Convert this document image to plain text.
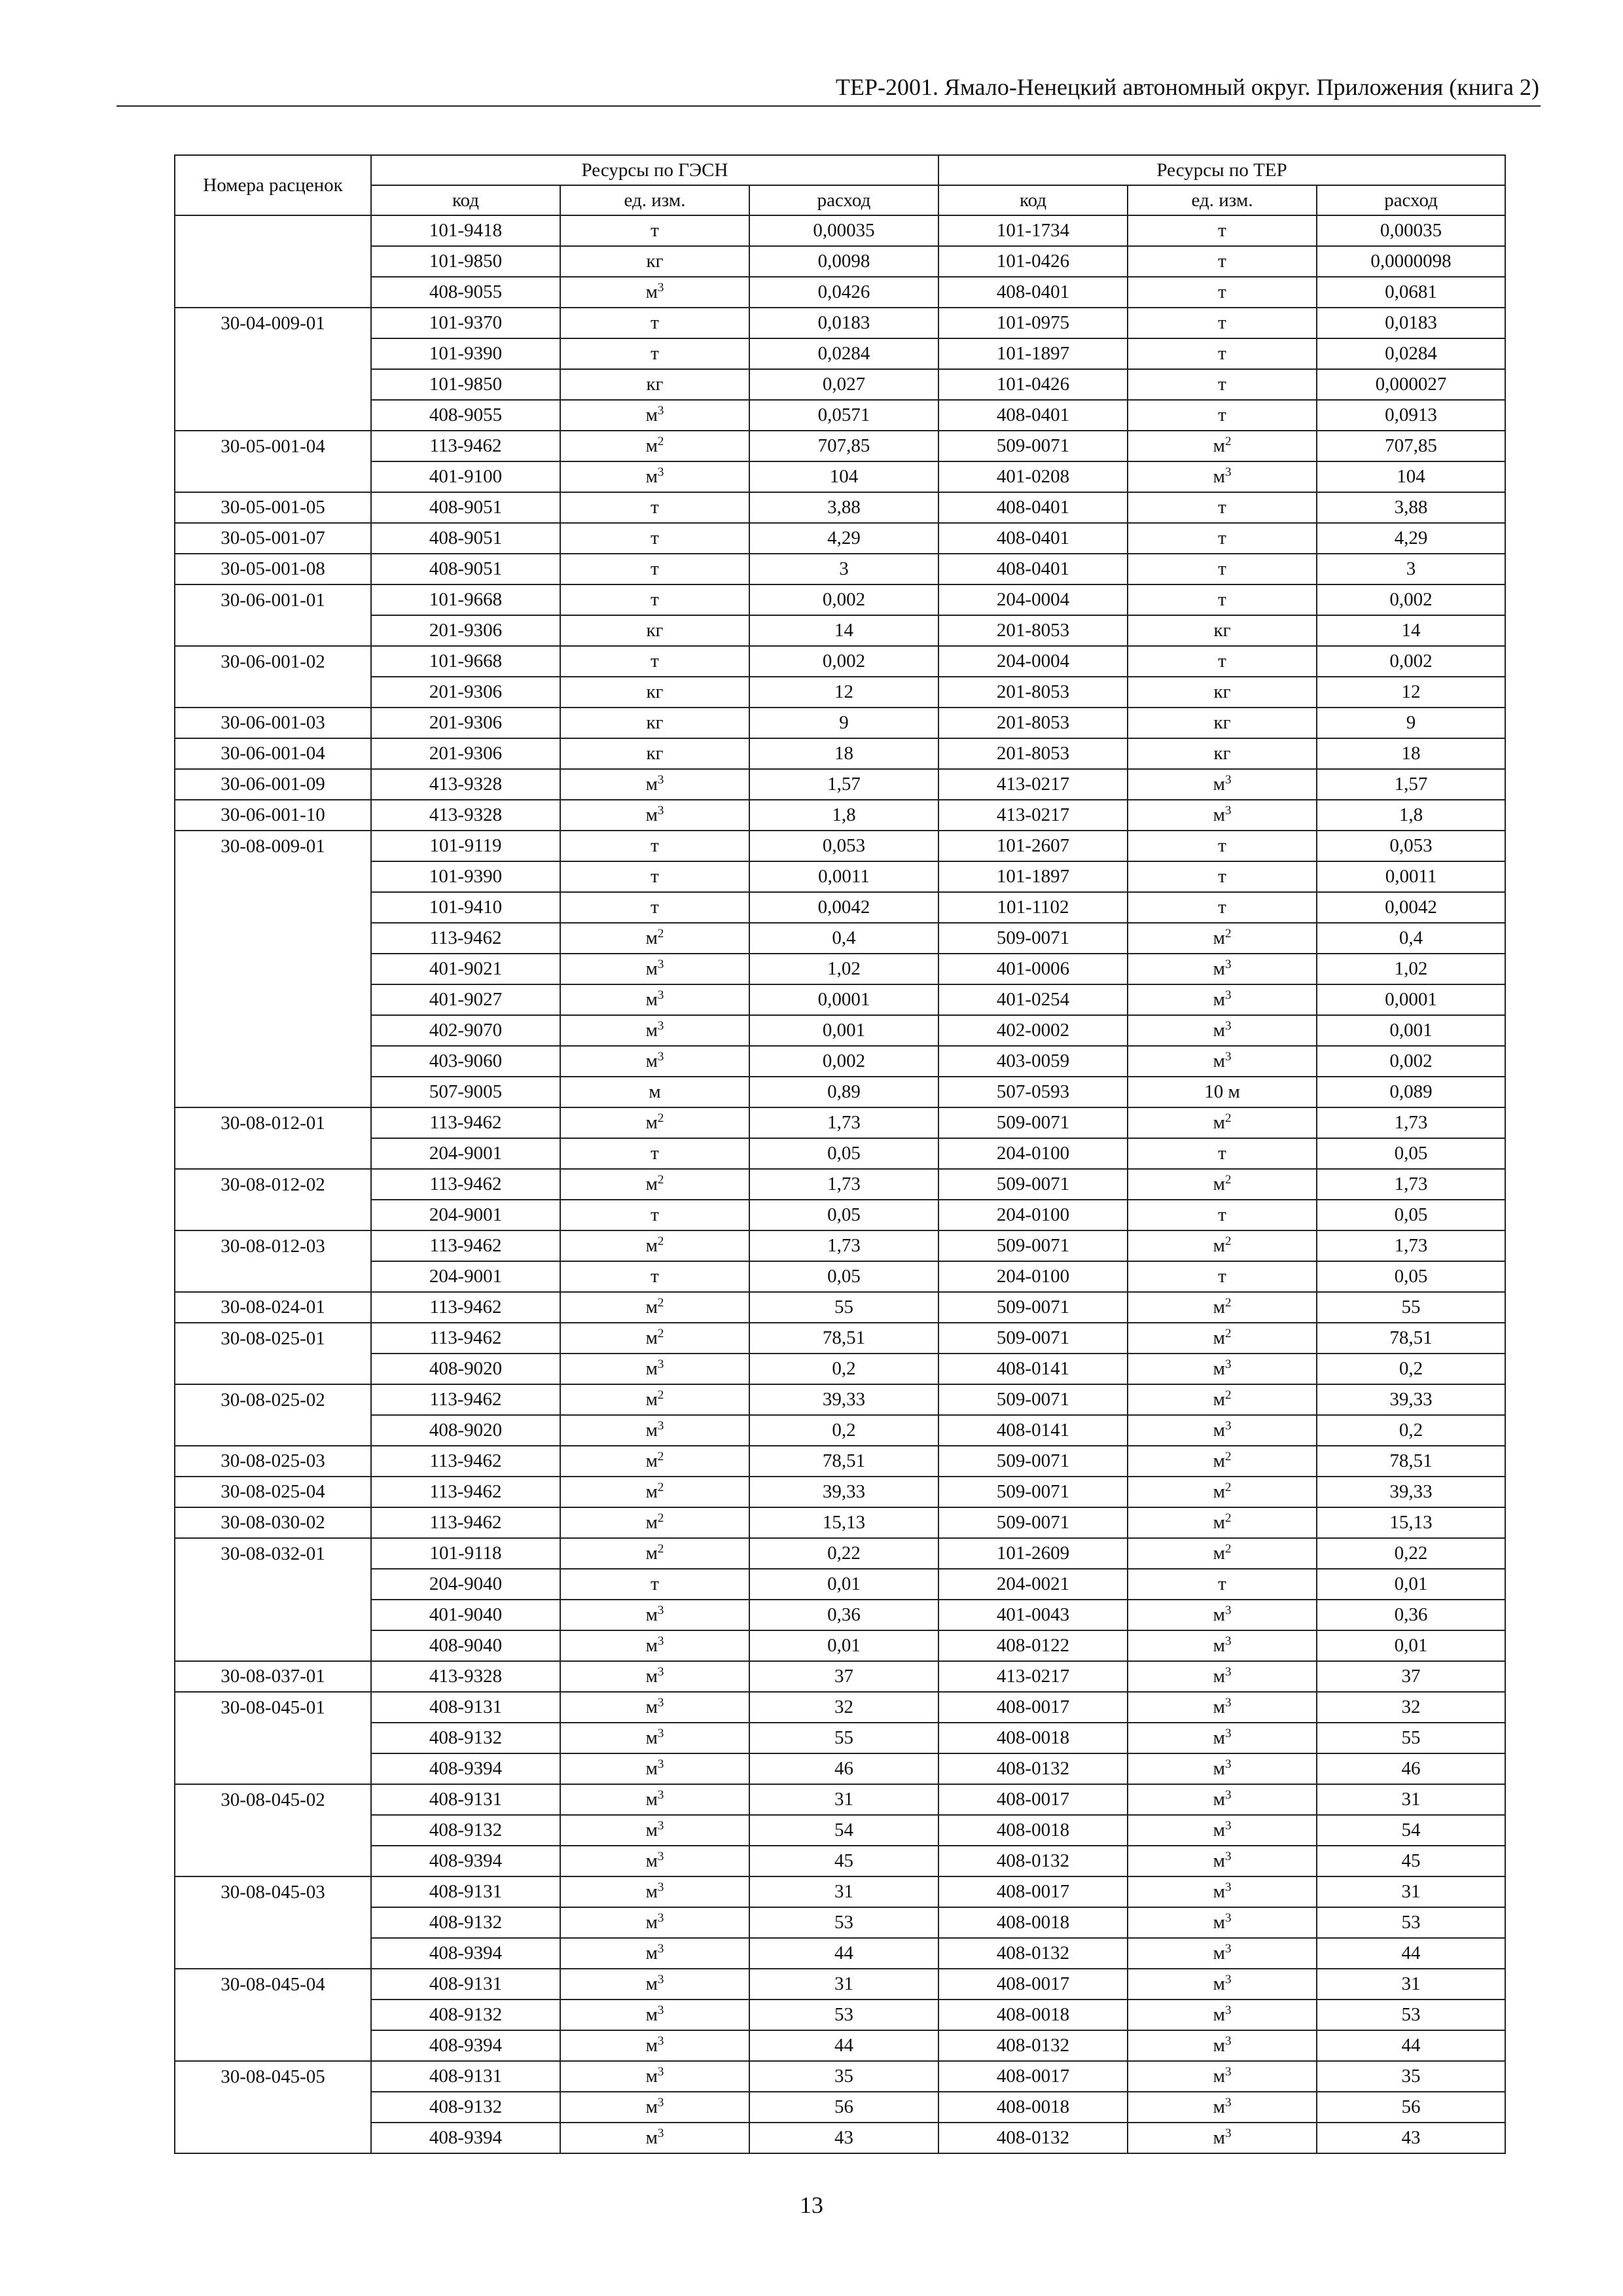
ТЕР-2001. Ямало-Ненецкий автономный округ. Приложения (книга 2)
Номера расценок	Ресурсы по ГЭСН			Ресурсы по ТЕР		
	код	ед. изм.	расход	код	ед. изм.	расход
	101-9418	т	0,00035	101-1734	т	0,00035
	101-9850	кг	0,0098	101-0426	т	0,0000098
	408-9055	$м^3$	0,0426	408-0401	т	0,0681
30-04-009-01	101-9370	т	0,0183	101-0975	т	0,0183
	101-9390	т	0,0284	101-1897	т	0,0284
	101-9850	кг	0,027	101-0426	т	0,000027
	408-9055	$м^3$	0,0571	408-0401	т	0,0913
30-05-001-04	113-9462	$м^2$	707,85	509-0071	$м^2$	707,85
	401-9100	$м^3$	104	401-0208	$м^3$	104
30-05-001-05	408-9051	т	3,88	408-0401	т	3,88
30-05-001-07	408-9051	т	4,29	408-0401	т	4,29
30-05-001-08	408-9051	т	3	408-0401	т	3
30-06-001-01	101-9668	т	0,002	204-0004	т	0,002
	201-9306	кг	14	201-8053	кг	14
30-06-001-02	101-9668	т	0,002	204-0004	т	0,002
	201-9306	кг	12	201-8053	кг	12
30-06-001-03	201-9306	кг	9	201-8053	кг	9
30-06-001-04	201-9306	кг	18	201-8053	кг	18
30-06-001-09	413-9328	$м^3$	1,57	413-0217	$м^3$	1,57
30-06-001-10	413-9328	$м^3$	1,8	413-0217	$м^3$	1,8
30-08-009-01	101-9119	т	0,053	101-2607	т	0,053
	101-9390	т	0,0011	101-1897	т	0,0011
	101-9410	т	0,0042	101-1102	т	0,0042
	113-9462	$м^2$	0,4	509-0071	$м^2$	0,4
	401-9021	$м^3$	1,02	401-0006	$м^3$	1,02
	401-9027	$м^3$	0,0001	401-0254	$м^3$	0,0001
	402-9070	$м^3$	0,001	402-0002	$м^3$	0,001
	403-9060	$м^3$	0,002	403-0059	$м^3$	0,002
	507-9005	м	0,89	507-0593	10 м	0,089
30-08-012-01	113-9462	$м^2$	1,73	509-0071	$м^2$	1,73
	204-9001	т	0,05	204-0100	т	0,05
30-08-012-02	113-9462	$м^2$	1,73	509-0071	$м^2$	1,73
	204-9001	т	0,05	204-0100	т	0,05
30-08-012-03	113-9462	$м^2$	1,73	509-0071	$м^2$	1,73
	204-9001	т	0,05	204-0100	т	0,05
30-08-024-01	113-9462	$м^2$	55	509-0071	$м^2$	55
30-08-025-01	113-9462	$м^2$	78,51	509-0071	$м^2$	78,51
	408-9020	$м^3$	0,2	408-0141	$м^3$	0,2
30-08-025-02	113-9462	$м^2$	39,33	509-0071	$м^2$	39,33
	408-9020	$м^3$	0,2	408-0141	$м^3$	0,2
30-08-025-03	113-9462	$м^2$	78,51	509-0071	$м^2$	78,51
30-08-025-04	113-9462	$м^2$	39,33	509-0071	$м^2$	39,33
30-08-030-02	113-9462	$м^2$	15,13	509-0071	$м^2$	15,13
30-08-032-01	101-9118	$м^2$	0,22	101-2609	$м^2$	0,22
	204-9040	т	0,01	204-0021	т	0,01
	401-9040	$м^3$	0,36	401-0043	$м^3$	0,36
	408-9040	$м^3$	0,01	408-0122	$м^3$	0,01
30-08-037-01	413-9328	$м^3$	37	413-0217	$м^3$	37
30-08-045-01	408-9131	$м^3$	32	408-0017	$м^3$	32
	408-9132	$м^3$	55	408-0018	$м^3$	55
	408-9394	$м^3$	46	408-0132	$м^3$	46
30-08-045-02	408-9131	$м^3$	31	408-0017	$м^3$	31
	408-9132	$м^3$	54	408-0018	$м^3$	54
	408-9394	$м^3$	45	408-0132	$м^3$	45
30-08-045-03	408-9131	$м^3$	31	408-0017	$м^3$	31
	408-9132	$м^3$	53	408-0018	$м^3$	53
	408-9394	$м^3$	44	408-0132	$м^3$	44
30-08-045-04	408-9131	$м^3$	31	408-0017	$м^3$	31
	408-9132	$м^3$	53	408-0018	$м^3$	53
	408-9394	$м^3$	44	408-0132	$м^3$	44
30-08-045-05	408-9131	$м^3$	35	408-0017	$м^3$	35
	408-9132	$м^3$	56	408-0018	$м^3$	56
	408-9394	$м^3$	43	408-0132	$м^3$	43
13
